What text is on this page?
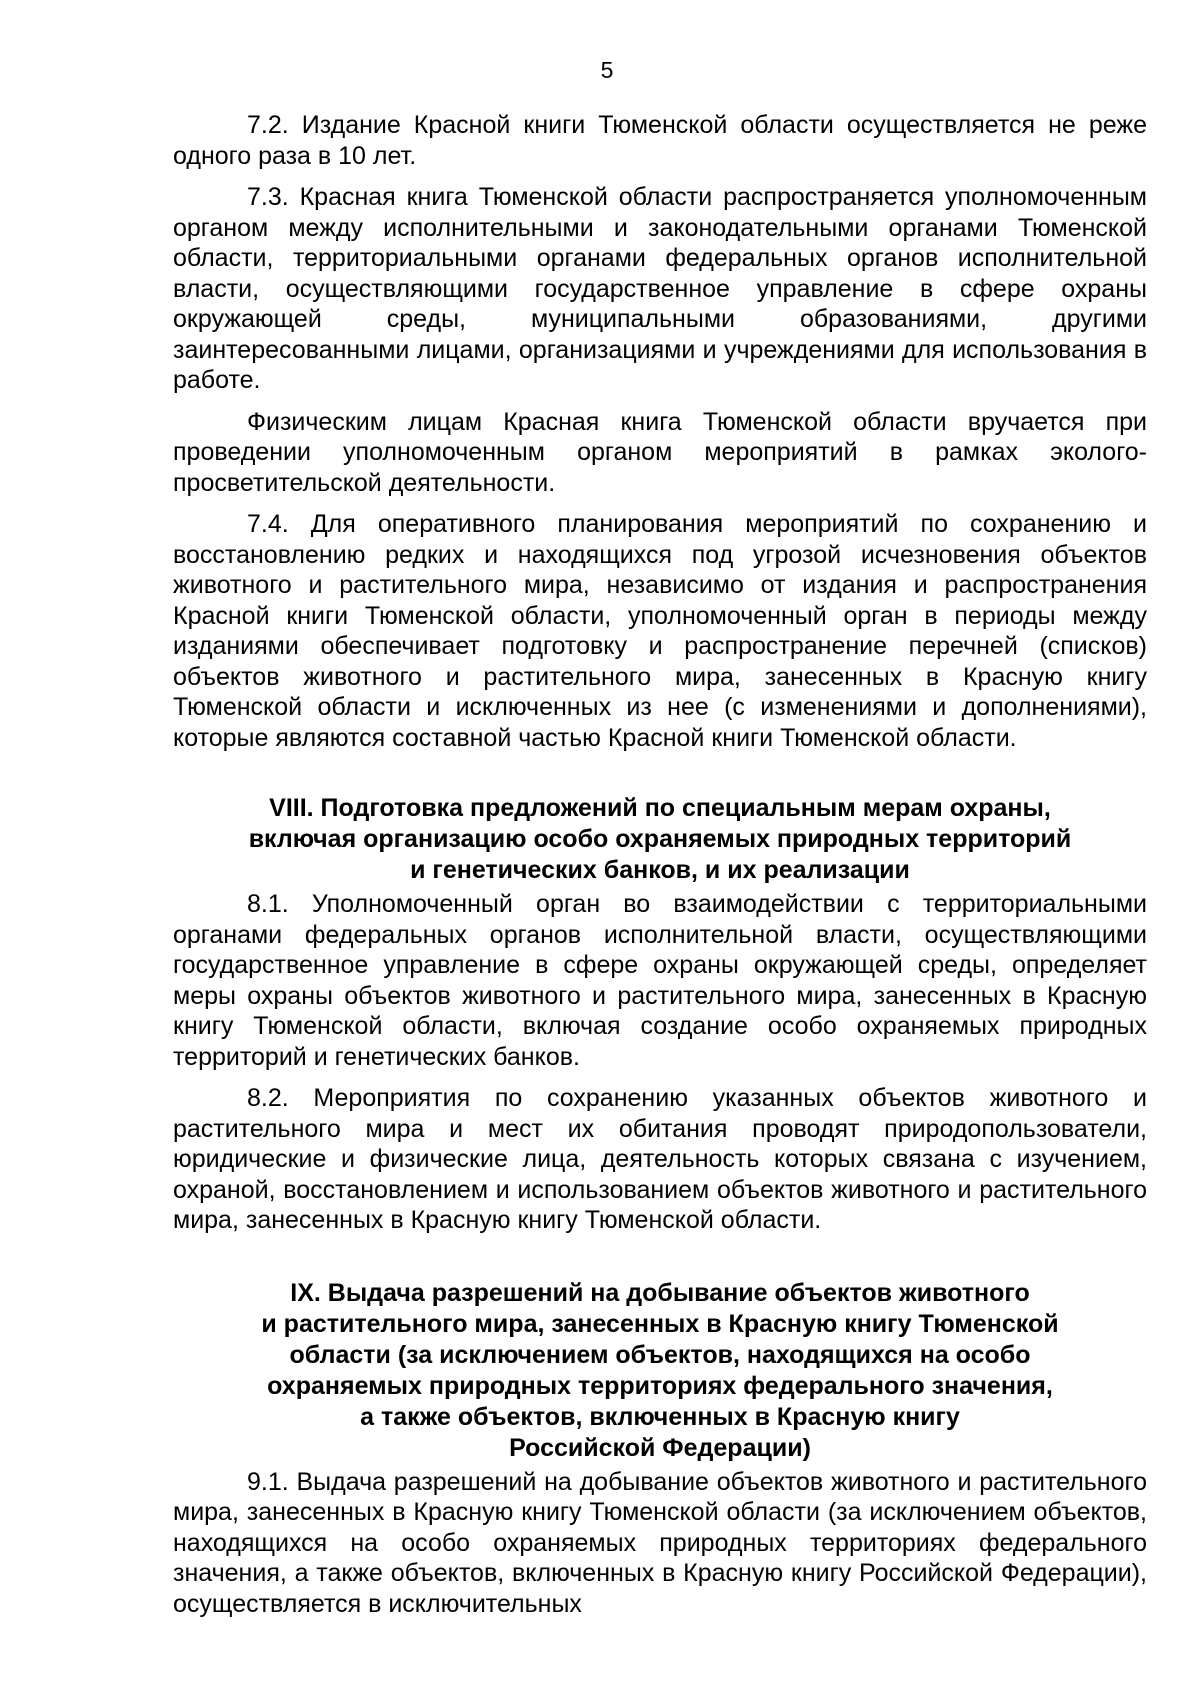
5

7.2. Издание Красной книги Тюменской области осуществляется не реже одного раза в 10 лет.

7.3. Красная книга Тюменской области распространяется уполномоченным органом между исполнительными и законодательными органами Тюменской области, территориальными органами федеральных органов исполнительной власти, осуществляющими государственное управление в сфере охраны окружающей среды, муниципальными образованиями, другими заинтересованными лицами, организациями и учреждениями для использования в работе.

Физическим лицам Красная книга Тюменской области вручается при проведении уполномоченным органом мероприятий в рамках эколого-просветительской деятельности.

7.4. Для оперативного планирования мероприятий по сохранению и восстановлению редких и находящихся под угрозой исчезновения объектов животного и растительного мира, независимо от издания и распространения Красной книги Тюменской области, уполномоченный орган в периоды между изданиями обеспечивает подготовку и распространение перечней (списков) объектов животного и растительного мира, занесенных в Красную книгу Тюменской области и исключенных из нее (с изменениями и дополнениями), которые являются составной частью Красной книги Тюменской области.

VIII. Подготовка предложений по специальным мерам охраны,
включая организацию особо охраняемых природных территорий
и генетических банков, и их реализации

8.1. Уполномоченный орган во взаимодействии с территориальными органами федеральных органов исполнительной власти, осуществляющими государственное управление в сфере охраны окружающей среды, определяет меры охраны объектов животного и растительного мира, занесенных в Красную книгу Тюменской области, включая создание особо охраняемых природных территорий и генетических банков.

8.2. Мероприятия по сохранению указанных объектов животного и растительного мира и мест их обитания проводят природопользователи, юридические и физические лица, деятельность которых связана с изучением, охраной, восстановлением и использованием объектов животного и растительного мира, занесенных в Красную книгу Тюменской области.

IX. Выдача разрешений на добывание объектов животного
и растительного мира, занесенных в Красную книгу Тюменской
области (за исключением объектов, находящихся на особо
охраняемых природных территориях федерального значения,
а также объектов, включенных в Красную книгу
Российской Федерации)

9.1. Выдача разрешений на добывание объектов животного и растительного мира, занесенных в Красную книгу Тюменской области (за исключением объектов, находящихся на особо охраняемых природных территориях федерального значения, а также объектов, включенных в Красную книгу Российской Федерации), осуществляется в исключительных
